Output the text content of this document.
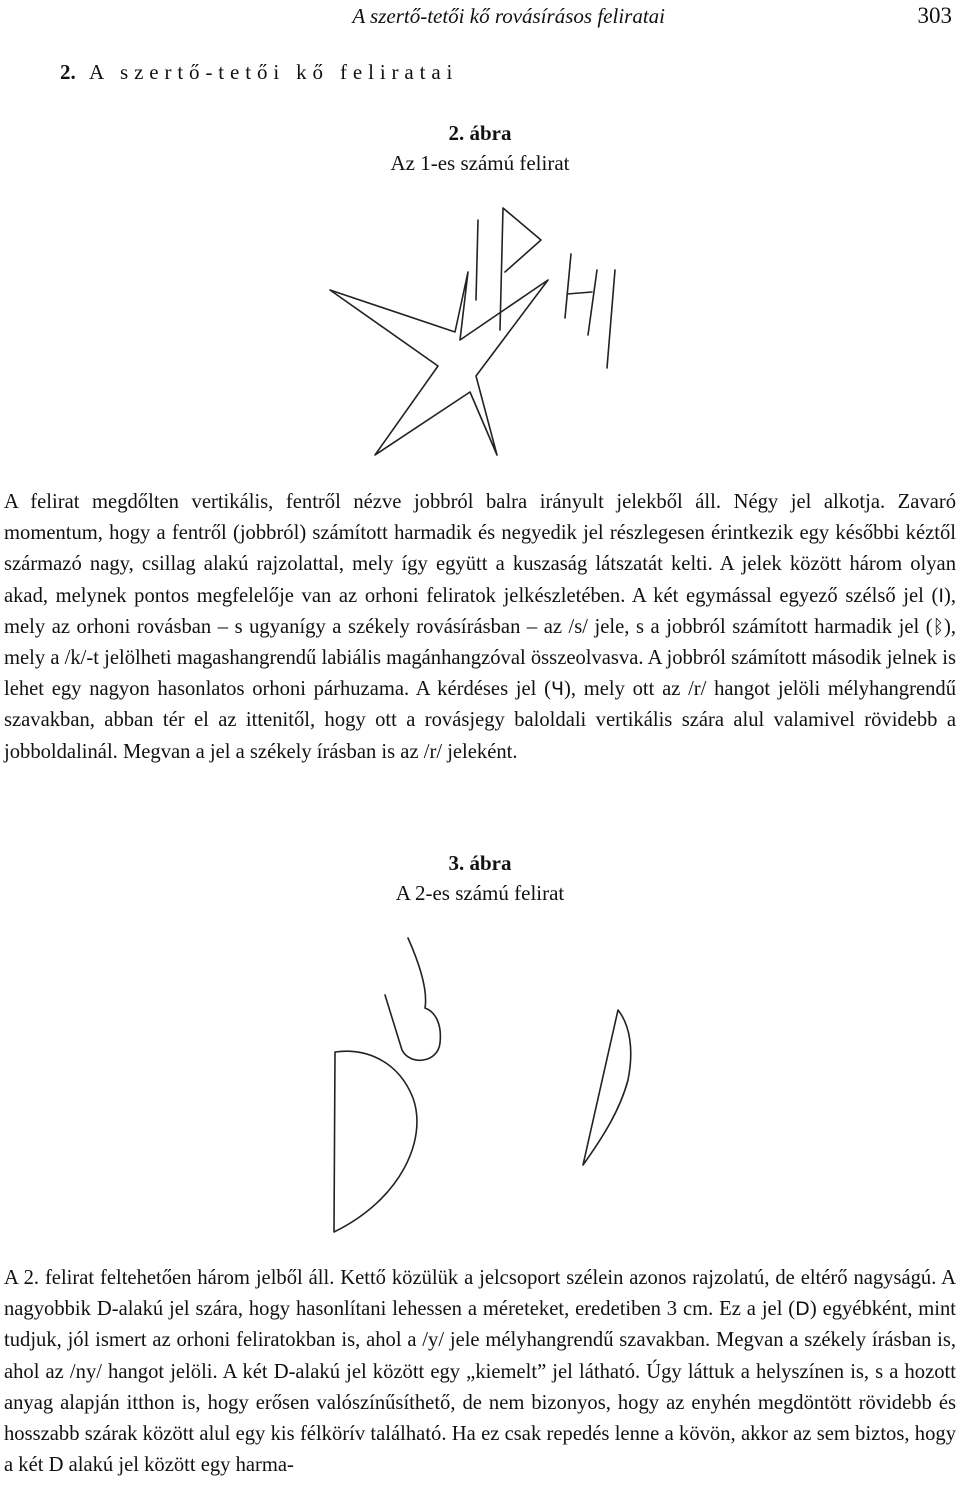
A szertő-tetői kő rovásírásos feliratai	303
2. A szertő-tetői kő feliratai
2. ábra
Az 1-es számú felirat

A felirat megdőlten vertikális, fentről nézve jobbról balra irányult jelekből áll. Négy jel alkotja. Zavaró momentum, hogy a fentről (jobbról) számított harmadik és negyedik jel részlegesen érintkezik egy későbbi kéztől származó nagy, csillag alakú rajzolattal, mely így együtt a kuszaság látszatát kelti. A jelek között három olyan akad, melynek pontos megfelelője van az orhoni feliratok jelkészletében. A két egymással egyező szélső jel (I), mely az orhoni rovásban – s ugyanígy a székely rovásírásban – az /s/ jele, s a jobbról számított harmadik jel (ᛒ), mely a /k/-t jelölheti magashangrendű labiális magánhangzóval összeolvasva. A jobbról számított második jelnek is lehet egy nagyon hasonlatos orhoni párhuzama. A kérdéses jel (Ч), mely ott az /r/ hangot jelöli mélyhangrendű szavakban, abban tér el az ittenitől, hogy ott a rovásjegy baloldali vertikális szára alul valamivel rövidebb a jobboldalinál. Megvan a jel a székely írásban is az /r/ jeleként.

3. ábra
A 2-es számú felirat

A 2. felirat feltehetően három jelből áll. Kettő közülük a jelcsoport szélein azonos rajzolatú, de eltérő nagyságú. A nagyobbik D-alakú jel szára, hogy hasonlítani lehessen a méreteket, eredetiben 3 cm. Ez a jel (D) egyébként, mint tudjuk, jól ismert az orhoni feliratokban is, ahol a /y/ jele mélyhangrendű szavakban. Megvan a székely írásban is, ahol az /ny/ hangot jelöli. A két D-alakú jel között egy „kiemelt” jel látható. Úgy láttuk a helyszínen is, s a hozott anyag alapján itthon is, hogy erősen valószínűsíthető, de nem bizonyos, hogy az enyhén megdöntött rövidebb és hosszabb szárak között alul egy kis félkörív található. Ha ez csak repedés lenne a kövön, akkor az sem biztos, hogy a két D alakú jel között egy harma-
